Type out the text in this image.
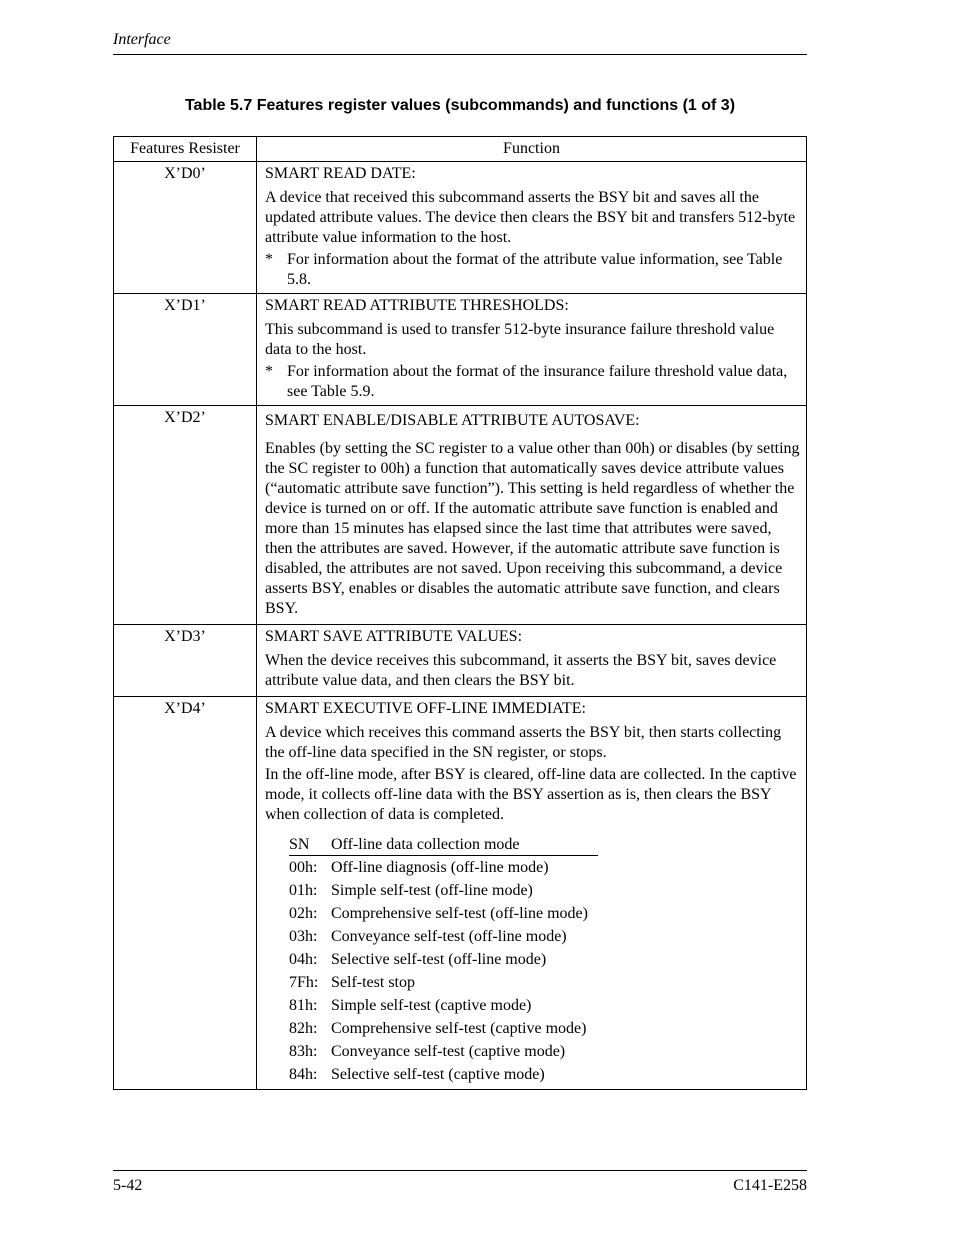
Interface
Table 5.7 Features register values (subcommands) and functions (1 of 3)
Features Resister	Function
X’D0’	SMART READ DATE:
A device that received this subcommand asserts the BSY bit and saves all the updated attribute values. The device then clears the BSY bit and transfers 512-byte attribute value information to the host.
* For information about the format of the attribute value information, see Table 5.8.

X’D1’	SMART READ ATTRIBUTE THRESHOLDS:
This subcommand is used to transfer 512-byte insurance failure threshold value data to the host.
* For information about the format of the insurance failure threshold value data, see Table 5.9.

X’D2’	SMART ENABLE/DISABLE ATTRIBUTE AUTOSAVE:
Enables (by setting the SC register to a value other than 00h) or disables (by setting the SC register to 00h) a function that automatically saves device attribute values (“automatic attribute save function”). This setting is held regardless of whether the device is turned on or off. If the automatic attribute save function is enabled and more than 15 minutes has elapsed since the last time that attributes were saved, then the attributes are saved. However, if the automatic attribute save function is disabled, the attributes are not saved. Upon receiving this subcommand, a device asserts BSY, enables or disables the automatic attribute save function, and clears BSY.

X’D3’	SMART SAVE ATTRIBUTE VALUES:
When the device receives this subcommand, it asserts the BSY bit, saves device attribute value data, and then clears the BSY bit.

X’D4’	SMART EXECUTIVE OFF-LINE IMMEDIATE:
A device which receives this command asserts the BSY bit, then starts collecting the off-line data specified in the SN register, or stops.
In the off-line mode, after BSY is cleared, off-line data are collected. In the captive mode, it collects off-line data with the BSY assertion as is, then clears the BSY when collection of data is completed.
SN	Off-line data collection mode
00h:	Off-line diagnosis (off-line mode)
01h:	Simple self-test (off-line mode)
02h:	Comprehensive self-test (off-line mode)
03h:	Conveyance self-test (off-line mode)
04h:	Selective self-test (off-line mode)
7Fh:	Self-test stop
81h:	Simple self-test (captive mode)
82h:	Comprehensive self-test (captive mode)
83h:	Conveyance self-test (captive mode)
84h:	Selective self-test (captive mode)
5-42	C141-E258
